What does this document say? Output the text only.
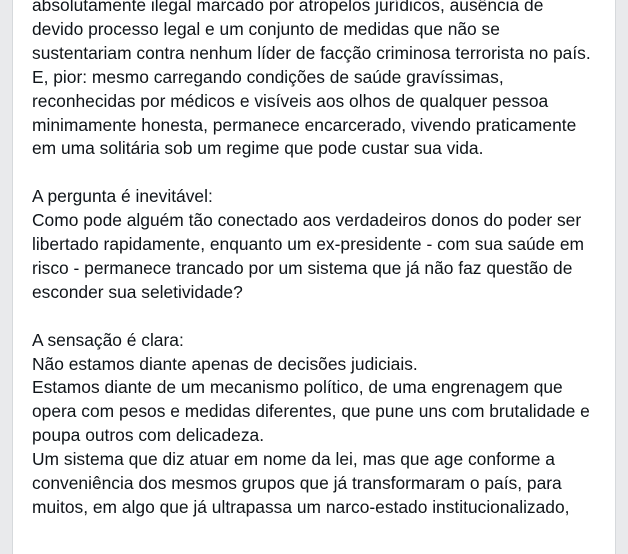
absolutamente ilegal marcado por atropelos jurídicos, ausência de
devido processo legal e um conjunto de medidas que não se
sustentariam contra nenhum líder de facção criminosa terrorista no país.
E, pior: mesmo carregando condições de saúde gravíssimas,
reconhecidas por médicos e visíveis aos olhos de qualquer pessoa
minimamente honesta, permanece encarcerado, vivendo praticamente
em uma solitária sob um regime que pode custar sua vida.

A pergunta é inevitável:
Como pode alguém tão conectado aos verdadeiros donos do poder ser
libertado rapidamente, enquanto um ex-presidente - com sua saúde em
risco - permanece trancado por um sistema que já não faz questão de
esconder sua seletividade?

A sensação é clara:
Não estamos diante apenas de decisões judiciais.
Estamos diante de um mecanismo político, de uma engrenagem que
opera com pesos e medidas diferentes, que pune uns com brutalidade e
poupa outros com delicadeza.
Um sistema que diz atuar em nome da lei, mas que age conforme a
conveniência dos mesmos grupos que já transformaram o país, para
muitos, em algo que já ultrapassa um narco-estado institucionalizado,
